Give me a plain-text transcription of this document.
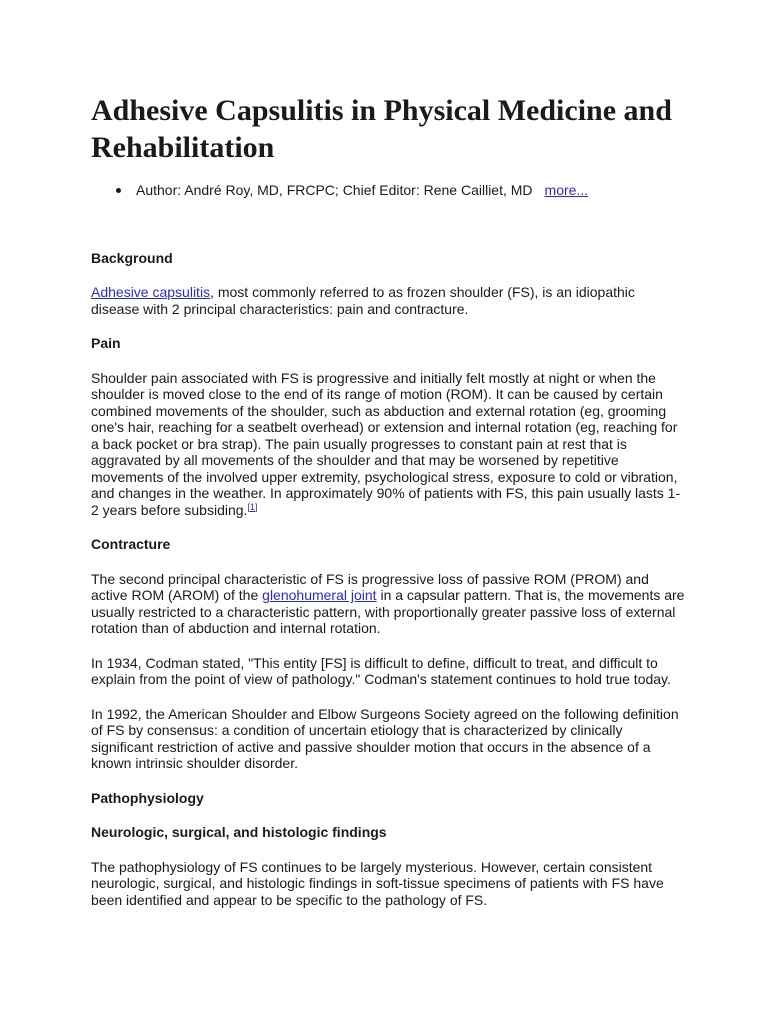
Adhesive Capsulitis in Physical Medicine and
Rehabilitation
Author: André Roy, MD, FRCPC; Chief Editor: Rene Cailliet, MD more...
Background
Adhesive capsulitis, most commonly referred to as frozen shoulder (FS), is an idiopathic
disease with 2 principal characteristics: pain and contracture.
Pain
Shoulder pain associated with FS is progressive and initially felt mostly at night or when the
shoulder is moved close to the end of its range of motion (ROM). It can be caused by certain
combined movements of the shoulder, such as abduction and external rotation (eg, grooming
one's hair, reaching for a seatbelt overhead) or extension and internal rotation (eg, reaching for
a back pocket or bra strap). The pain usually progresses to constant pain at rest that is
aggravated by all movements of the shoulder and that may be worsened by repetitive
movements of the involved upper extremity, psychological stress, exposure to cold or vibration,
and changes in the weather. In approximately 90% of patients with FS, this pain usually lasts 1-
2 years before subsiding.[1]
Contracture
The second principal characteristic of FS is progressive loss of passive ROM (PROM) and
active ROM (AROM) of the glenohumeral joint in a capsular pattern. That is, the movements are
usually restricted to a characteristic pattern, with proportionally greater passive loss of external
rotation than of abduction and internal rotation.
In 1934, Codman stated, "This entity [FS] is difficult to define, difficult to treat, and difficult to
explain from the point of view of pathology." Codman's statement continues to hold true today.
In 1992, the American Shoulder and Elbow Surgeons Society agreed on the following definition
of FS by consensus: a condition of uncertain etiology that is characterized by clinically
significant restriction of active and passive shoulder motion that occurs in the absence of a
known intrinsic shoulder disorder.
Pathophysiology
Neurologic, surgical, and histologic findings
The pathophysiology of FS continues to be largely mysterious. However, certain consistent
neurologic, surgical, and histologic findings in soft-tissue specimens of patients with FS have
been identified and appear to be specific to the pathology of FS.
